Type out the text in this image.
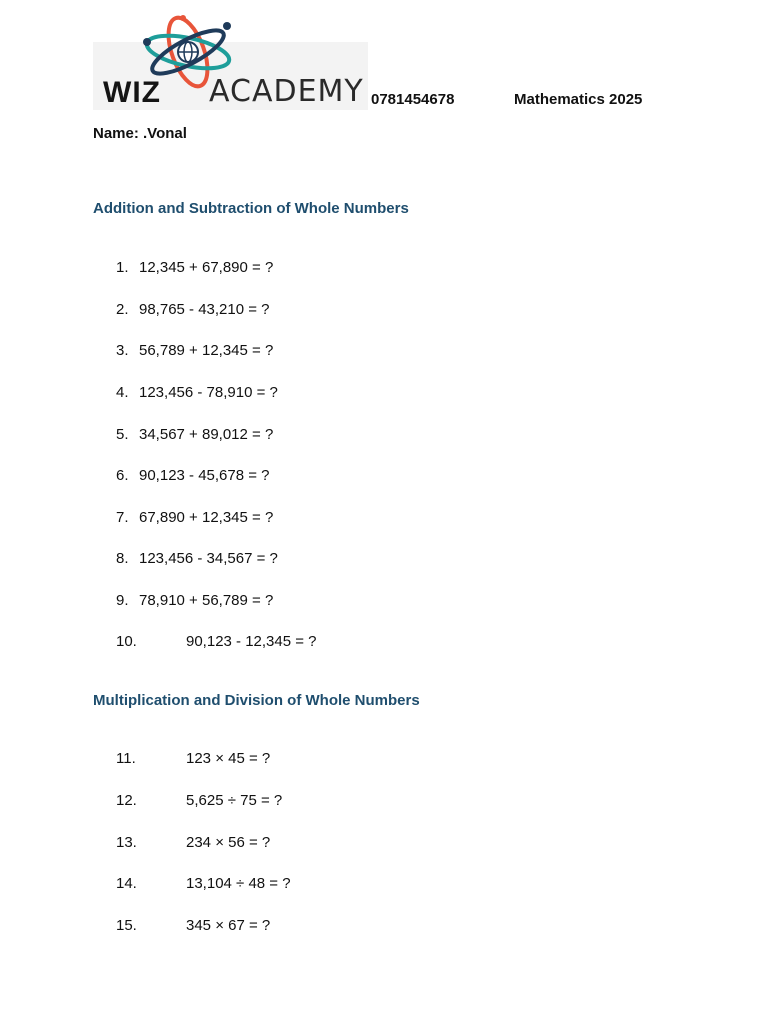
WIZ ACADEMY 0781454678	Mathematics 2025
Name: .Vonal
Addition and Subtraction of Whole Numbers
1. 12,345 + 67,890 = ?
2. 98,765 - 43,210 = ?
3. 56,789 + 12,345 = ?
4. 123,456 - 78,910 = ?
5. 34,567 + 89,012 = ?
6. 90,123 - 45,678 = ?
7. 67,890 + 12,345 = ?
8. 123,456 - 34,567 = ?
9. 78,910 + 56,789 = ?
10.	90,123 - 12,345 = ?
Multiplication and Division of Whole Numbers
11.	123 × 45 = ?
12.	5,625 ÷ 75 = ?
13.	234 × 56 = ?
14.	13,104 ÷ 48 = ?
15.	345 × 67 = ?
